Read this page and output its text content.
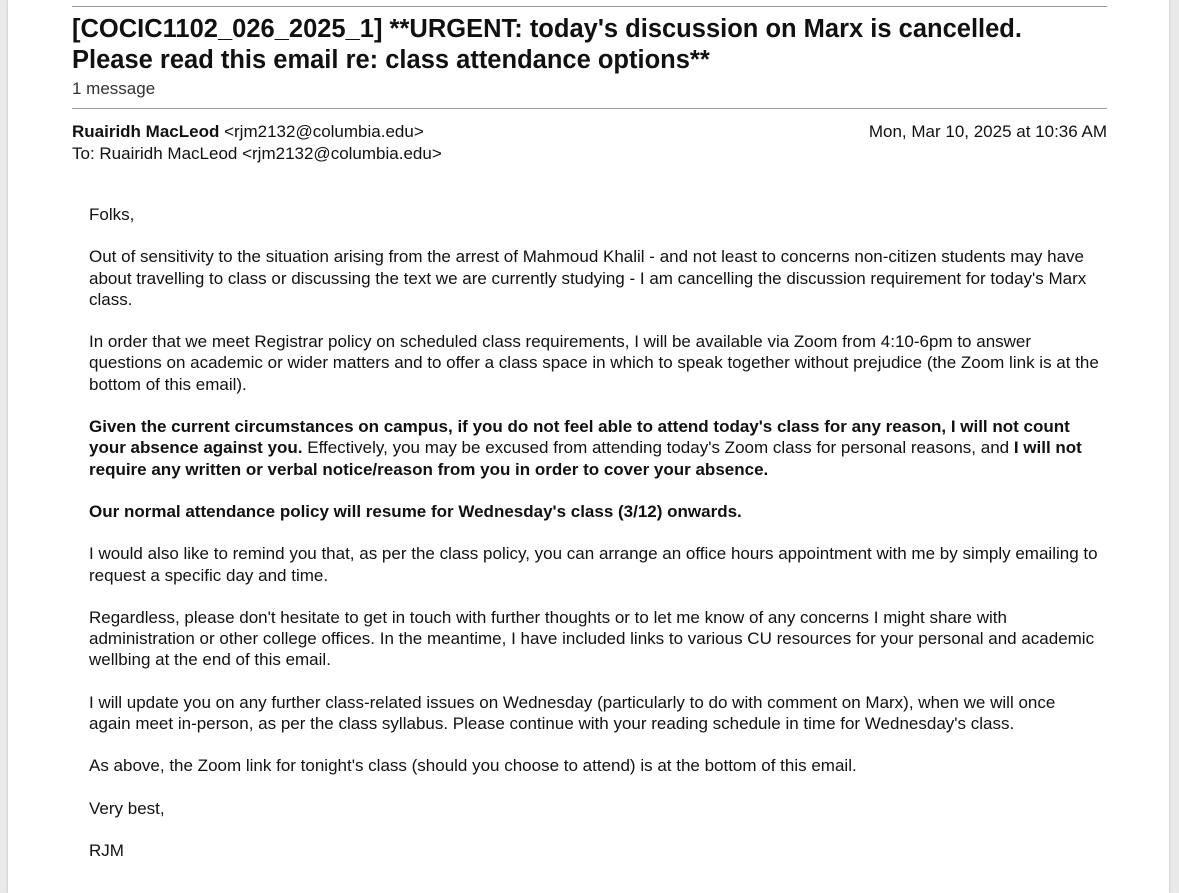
[COCIC1102_026_2025_1] **URGENT: today's discussion on Marx is cancelled.
Please read this email re: class attendance options**
1 message
Ruairidh MacLeod <rjm2132@columbia.edu>	Mon, Mar 10, 2025 at 10:36 AM
To: Ruairidh MacLeod <rjm2132@columbia.edu>

Folks,

Out of sensitivity to the situation arising from the arrest of Mahmoud Khalil - and not least to concerns non-citizen students may have about travelling to class or discussing the text we are currently studying - I am cancelling the discussion requirement for today's Marx class.

In order that we meet Registrar policy on scheduled class requirements, I will be available via Zoom from 4:10-6pm to answer questions on academic or wider matters and to offer a class space in which to speak together without prejudice (the Zoom link is at the bottom of this email).

Given the current circumstances on campus, if you do not feel able to attend today's class for any reason, I will not count your absence against you. Effectively, you may be excused from attending today's Zoom class for personal reasons, and I will not require any written or verbal notice/reason from you in order to cover your absence.

Our normal attendance policy will resume for Wednesday's class (3/12) onwards.

I would also like to remind you that, as per the class policy, you can arrange an office hours appointment with me by simply emailing to request a specific day and time.

Regardless, please don't hesitate to get in touch with further thoughts or to let me know of any concerns I might share with administration or other college offices. In the meantime, I have included links to various CU resources for your personal and academic wellbing at the end of this email.

I will update you on any further class-related issues on Wednesday (particularly to do with comment on Marx), when we will once again meet in-person, as per the class syllabus. Please continue with your reading schedule in time for Wednesday's class.

As above, the Zoom link for tonight's class (should you choose to attend) is at the bottom of this email.

Very best,

RJM
